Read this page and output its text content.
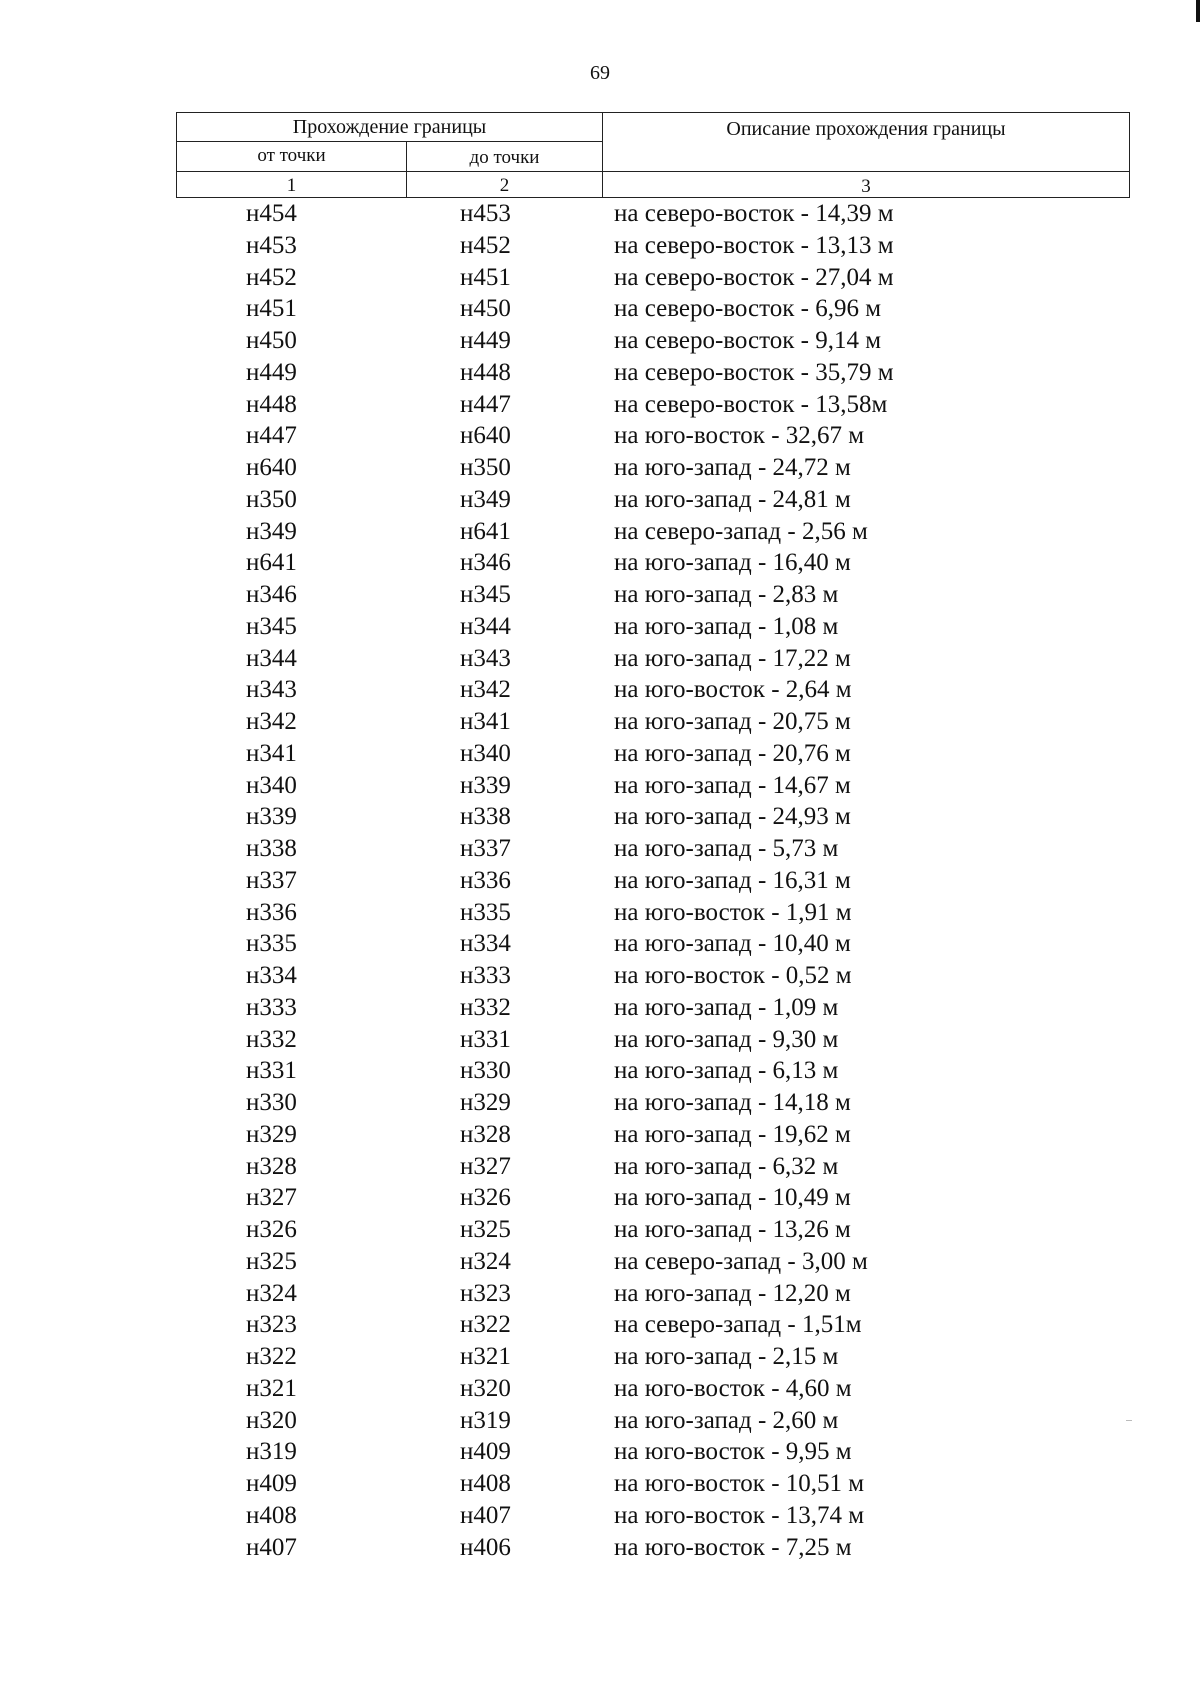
69
Прохождение границы	Описание прохождения границы
от точки	до точки
1	2	3
н454	н453	на северо-восток - 14,39 м
н453	н452	на северо-восток - 13,13 м
н452	н451	на северо-восток - 27,04 м
н451	н450	на северо-восток - 6,96 м
н450	н449	на северо-восток - 9,14 м
н449	н448	на северо-восток - 35,79 м
н448	н447	на северо-восток - 13,58м
н447	н640	на юго-восток - 32,67 м
н640	н350	на юго-запад - 24,72 м
н350	н349	на юго-запад - 24,81 м
н349	н641	на северо-запад - 2,56 м
н641	н346	на юго-запад - 16,40 м
н346	н345	на юго-запад - 2,83 м
н345	н344	на юго-запад - 1,08 м
н344	н343	на юго-запад - 17,22 м
н343	н342	на юго-восток - 2,64 м
н342	н341	на юго-запад - 20,75 м
н341	н340	на юго-запад - 20,76 м
н340	н339	на юго-запад - 14,67 м
н339	н338	на юго-запад - 24,93 м
н338	н337	на юго-запад - 5,73 м
н337	н336	на юго-запад - 16,31 м
н336	н335	на юго-восток - 1,91 м
н335	н334	на юго-запад - 10,40 м
н334	н333	на юго-восток - 0,52 м
н333	н332	на юго-запад - 1,09 м
н332	н331	на юго-запад - 9,30 м
н331	н330	на юго-запад - 6,13 м
н330	н329	на юго-запад - 14,18 м
н329	н328	на юго-запад - 19,62 м
н328	н327	на юго-запад - 6,32 м
н327	н326	на юго-запад - 10,49 м
н326	н325	на юго-запад - 13,26 м
н325	н324	на северо-запад - 3,00 м
н324	н323	на юго-запад - 12,20 м
н323	н322	на северо-запад - 1,51м
н322	н321	на юго-запад - 2,15 м
н321	н320	на юго-восток - 4,60 м
н320	н319	на юго-запад - 2,60 м
н319	н409	на юго-восток - 9,95 м
н409	н408	на юго-восток - 10,51 м
н408	н407	на юго-восток - 13,74 м
н407	н406	на юго-восток - 7,25 м
